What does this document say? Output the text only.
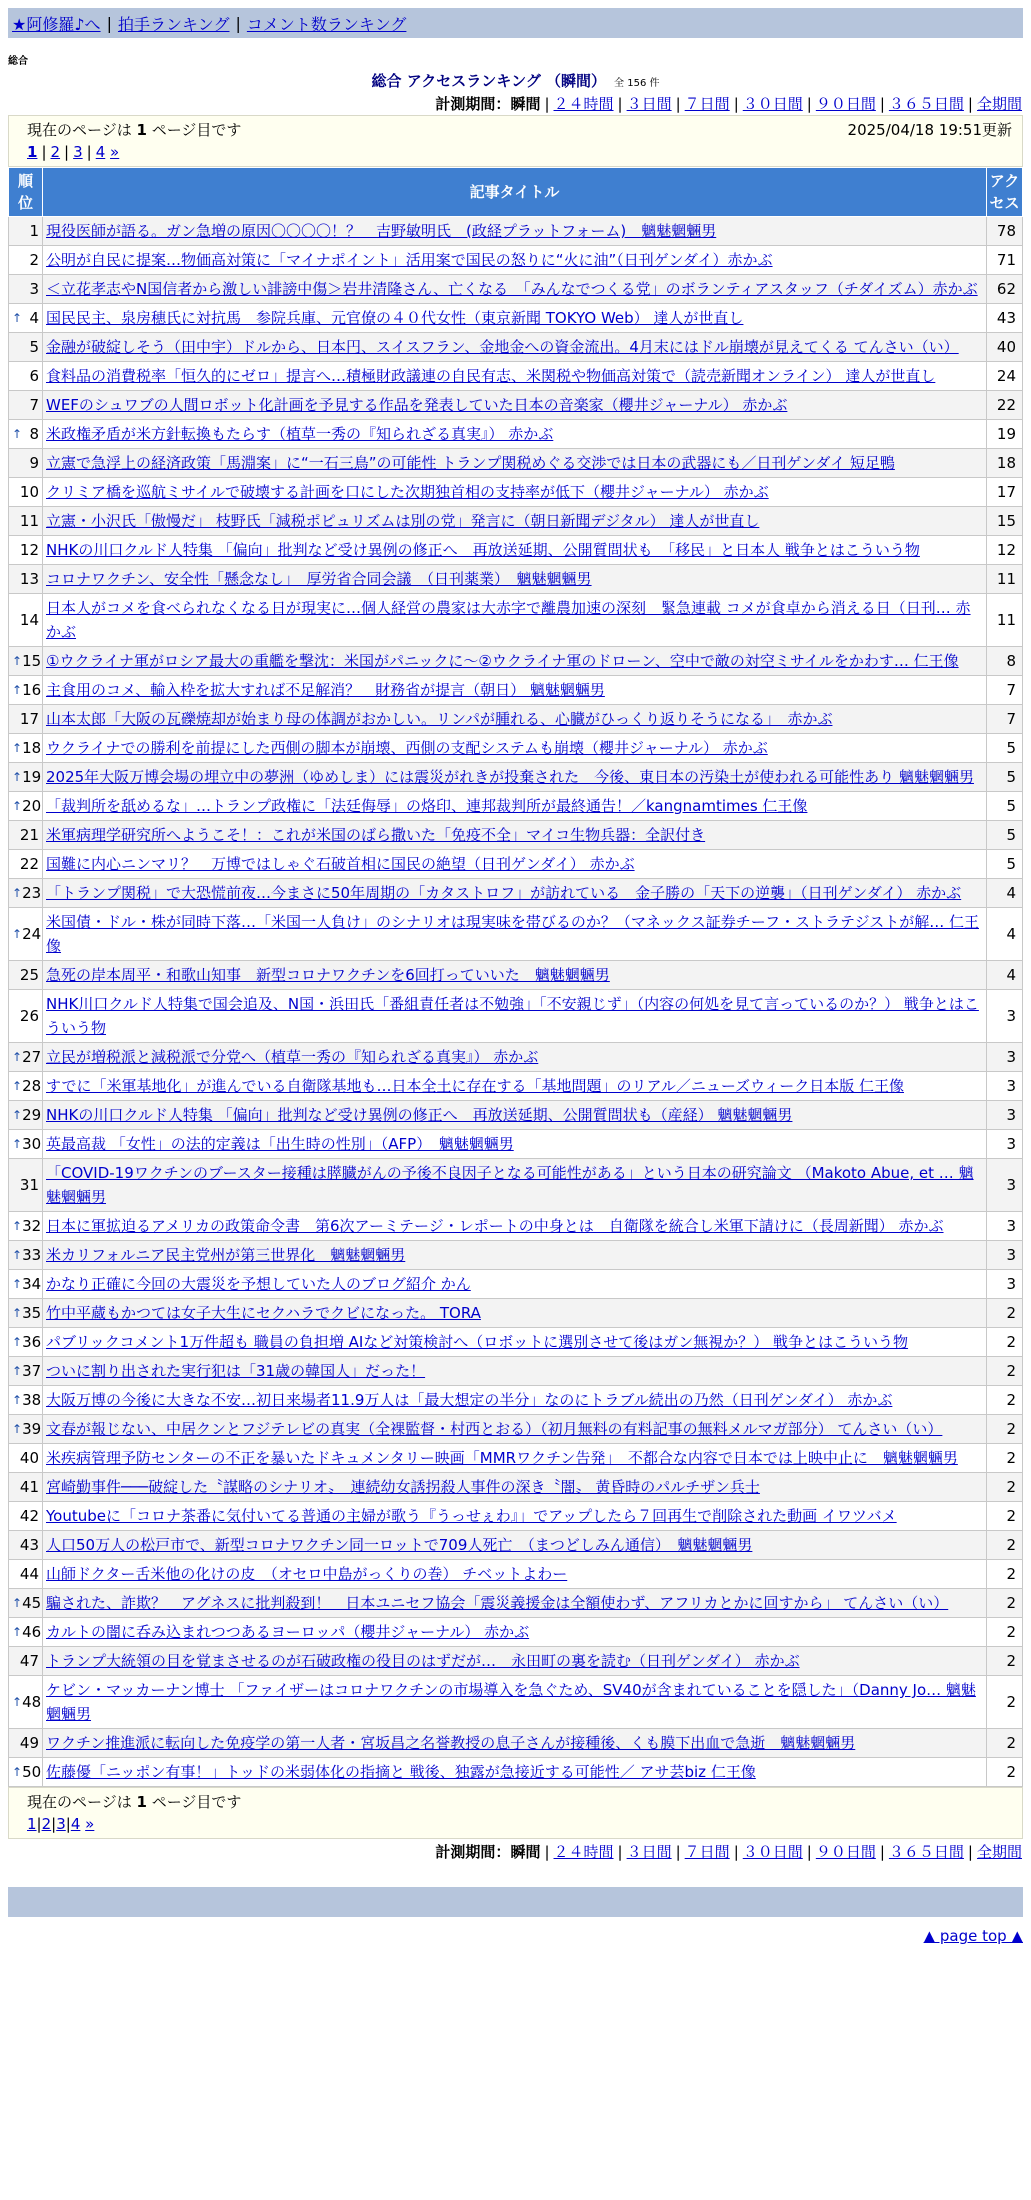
★阿修羅♪へ | 拍手ランキング | コメント数ランキング
総合
総合 アクセスランキング （瞬間） 全 156 件
計測期間：瞬間 | ２４時間 | ３日間 | ７日間 | ３０日間 | ９０日間 | ３６５日間 | 全期間
現在のページは 1 ページ目です	2025/04/18 19:51更新
1 | 2 | 3 | 4 »
順位	記事タイトル	アクセス
1	現役医師が語る。ガン急増の原因〇〇〇〇！？　吉野敏明氏　(政経プラットフォーム)　魑魅魍魎男	78
2	公明が自民に提案…物価高対策に「マイナポイント」活用案で国民の怒りに“火に油”（日刊ゲンダイ）赤かぶ	71
3	＜立花孝志やN国信者から激しい誹謗中傷＞岩井清隆さん、亡くなる　「みんなでつくる党」のボランティアスタッフ（チダイズム）赤かぶ	62

↑ 4	国民民主、泉房穂氏に対抗馬　参院兵庫、元官僚の４０代女性（東京新聞 TOKYO Web） 達人が世直し	43
5	金融が破綻しそう（田中宇）ドルから、日本円、スイスフラン、金地金への資金流出。4月末にはドル崩壊が見えてくる てんさい（い）	40
6	食料品の消費税率「恒久的にゼロ」提言へ…積極財政議連の自民有志、米関税や物価高対策で（読売新聞オンライン） 達人が世直し	24
7	WEFのシュワブの人間ロボット化計画を予見する作品を発表していた日本の音楽家（櫻井ジャーナル） 赤かぶ	22

↑ 8	米政権矛盾が米方針転換もたらす（植草一秀の『知られざる真実』） 赤かぶ	19
9	立憲で急浮上の経済政策「馬淵案」に“一石三鳥”の可能性 トランプ関税めぐる交渉では日本の武器にも／日刊ゲンダイ 短足鴨	18
10	クリミア橋を巡航ミサイルで破壊する計画を口にした次期独首相の支持率が低下（櫻井ジャーナル） 赤かぶ	17
11	立憲・小沢氏「傲慢だ」 枝野氏「減税ポピュリズムは別の党」発言に（朝日新聞デジタル） 達人が世直し	15
12	NHKの川口クルド人特集 「偏向」批判など受け異例の修正へ　再放送延期、公開質問状も　「移民」と日本人 戦争とはこういう物	12
13	コロナワクチン、安全性「懸念なし」　厚労省合同会議　（日刊薬業）　魑魅魍魎男	11
14	日本人がコメを食べられなくなる日が現実に…個人経営の農家は大赤字で離農加速の深刻　緊急連載 コメが食卓から消える日（日刊… 赤かぶ	11

↑ 15	①ウクライナ軍がロシア最大の重艦を撃沈：米国がパニックに～②ウクライナ軍のドローン、空中で敵の対空ミサイルをかわす… 仁王像	8

↑ 16	主食用のコメ、輸入枠を拡大すれば不足解消？　財務省が提言（朝日） 魑魅魍魎男	7
17	山本太郎「大阪の瓦礫焼却が始まり母の体調がおかしい。リンパが腫れる、心臓がひっくり返りそうになる」　赤かぶ	7

↑ 18	ウクライナでの勝利を前提にした西側の脚本が崩壊、西側の支配システムも崩壊（櫻井ジャーナル） 赤かぶ	5

↑ 19	2025年大阪万博会場の埋立中の夢洲（ゆめしま）には震災がれきが投棄された　今後、東日本の汚染土が使われる可能性あり 魑魅魍魎男	5

↑ 20	「裁判所を舐めるな」…トランプ政権に「法廷侮辱」の烙印、連邦裁判所が最終通告！／kangnamtimes 仁王像	5
21	米軍病理学研究所へようこそ！：これが米国のばら撒いた「免疫不全」マイコ生物兵器：全訳付き	5
22	国難に内心ニンマリ？　万博ではしゃぐ石破首相に国民の絶望（日刊ゲンダイ） 赤かぶ	5

↑ 23	「トランプ関税」で大恐慌前夜…今まさに50年周期の「カタストロフ」が訪れている　金子勝の「天下の逆襲」（日刊ゲンダイ） 赤かぶ	4

↑ 24	米国債・ドル・株が同時下落…「米国一人負け」のシナリオは現実味を帯びるのか？（マネックス証券チーフ・ストラテジストが解… 仁王像	4
25	急死の岸本周平・和歌山知事　新型コロナワクチンを6回打っていいた　魑魅魍魎男	4
26	NHK川口クルド人特集で国会追及、N国・浜田氏「番組責任者は不勉強」「不安親じず」（内容の何処を見て言っているのか？） 戦争とはこういう物	3

↑ 27	立民が増税派と減税派で分党へ（植草一秀の『知られざる真実』） 赤かぶ	3

↑ 28	すでに「米軍基地化」が進んでいる自衛隊基地も…日本全土に存在する「基地問題」のリアル／ニューズウィーク日本版 仁王像	3

↑ 29	NHKの川口クルド人特集 「偏向」批判など受け異例の修正へ　再放送延期、公開質問状も（産経） 魑魅魍魎男	3

↑ 30	英最高裁 「女性」の法的定義は「出生時の性別」（AFP）　魑魅魍魎男	3
31	「COVID-19ワクチンのブースター接種は膵臓がんの予後不良因子となる可能性がある」という日本の研究論文 （Makoto Abue, et … 魑魅魍魎男	3

↑ 32	日本に軍拡迫るアメリカの政策命令書　第6次アーミテージ・レポートの中身とは　自衛隊を統合し米軍下請けに（長周新聞） 赤かぶ	3

↑ 33	米カリフォルニア民主党州が第三世界化　魑魅魍魎男	3

↑ 34	かなり正確に今回の大震災を予想していた人のブログ紹介 かん	3

↑ 35	竹中平蔵もかつては女子大生にセクハラでクビになった。 TORA	2

↑ 36	パブリックコメント1万件超も 職員の負担増 AIなど対策検討へ（ロボットに選別させて後はガン無視か？） 戦争とはこういう物	2

↑ 37	ついに割り出された実行犯は「31歳の韓国人」だった！	2

↑ 38	大阪万博の今後に大きな不安…初日来場者11.9万人は「最大想定の半分」なのにトラブル続出の乃然（日刊ゲンダイ） 赤かぶ	2

↑ 39	文春が報じない、中居クンとフジテレビの真実（全裸監督・村西とおる）（初月無料の有料記事の無料メルマガ部分） てんさい（い）	2
40	米疾病管理予防センターの不正を暴いたドキュメンタリー映画「MMRワクチン告発」　不都合な内容で日本では上映中止に　魑魅魍魎男	2
41	宮崎勤事件───破綻した〝謀略のシナリオ〟　連続幼女誘拐殺人事件の深き〝闇〟 黄昏時のパルチザン兵士	2
42	Youtubeに「コロナ茶番に気付いてる普通の主婦が歌う『うっせぇわ』」でアップしたら７回再生で削除された動画 イワツバメ	2
43	人口50万人の松戸市で、新型コロナワクチン同一ロットで709人死亡　（まつどしみん通信）　魑魅魍魎男	2
44	山師ドクター舌米他の化けの皮　（オセロ中島がっくりの巻） チベットよわー	2

↑ 45	騙された、詐欺？　アグネスに批判殺到！　日本ユニセフ協会「震災義援金は全額使わず、アフリカとかに回すから」 てんさい（い）	2

↑ 46	カルトの闇に呑み込まれつつあるヨーロッパ（櫻井ジャーナル） 赤かぶ	2
47	トランプ大統領の目を覚まさせるのが石破政権の役目のはずだが…　永田町の裏を読む（日刊ゲンダイ） 赤かぶ	2

↑ 48	ケビン・マッカーナン博士 「ファイザーはコロナワクチンの市場導入を急ぐため、SV40が含まれていることを隠した」（Danny Jo… 魑魅魍魎男	2
49	ワクチン推進派に転向した免疫学の第一人者・宮坂昌之名誉教授の息子さんが接種後、くも膜下出血で急逝　魑魅魍魎男	2

↑ 50	佐藤優「ニッポン有事！」トッドの米弱体化の指摘と 戦後、独露が急接近する可能性／ アサ芸biz 仁王像	2
現在のページは 1 ページ目です
1|2|3|4 »
計測期間：瞬間 | ２４時間 | ３日間 | ７日間 | ３０日間 | ９０日間 | ３６５日間 | 全期間
▲ page top ▲
